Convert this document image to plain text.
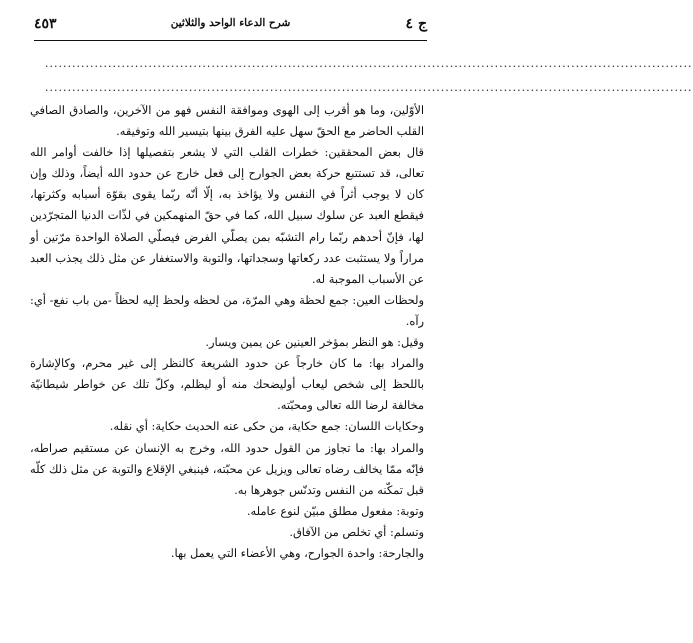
ج ٤
شرح الدعاء الواحد والثلاثين
٤٥٣
................................................................................................................................................
................................................................................................................................................

الأوّلين، وما هو أقرب إلى الهوى وموافقة النفس فهو من الآخرين، والصادق الصافي القلب الحاضر مع الحقّ سهل عليه الفرق بينها بتيسير الله وتوفيقه.

قال بعض المحققين: خطرات القلب التي لا يشعر بتفصيلها إذا خالفت أوامر الله تعالى، قد تستتبع حركة بعض الجوارح إلى فعل خارج عن حدود الله أيضاً، وذلك وإن كان لا يوجب أثراً في النفس ولا يؤاخذ به، إلّا أنّه ربّما يقوى بقوّة أسبابه وكثرتها، فيقطع العبد عن سلوك سبيل الله، كما في حقّ المنهمكين في لذّات الدنيا المتجرّدين لها، فإنّ أحدهم ربّما رام التشبّه بمن يصلّي الفرض فيصلّي الصلاة الواحدة مرّتين أو مراراً ولا يستثبت عدد ركعاتها وسجداتها، والتوبة والاستغفار عن مثل ذلك يجذب العبد عن الأسباب الموجبة له.

ولحظات العين: جمع لحظة وهي المرّة، من لحظه ولحظ إليه لحظاً -من باب نفع- أي: رآه.

وقيل: هو النظر بمؤخر العينين عن يمين ويسار.

والمراد بها: ما كان خارجاً عن حدود الشريعة كالنظر إلى غير محرم، وكالإشارة باللحظ إلى شخص ليعاب أوليضحك منه أو ليظلم، وكلّ تلك عن خواطر شيطانيّة مخالفة لرضا الله تعالى ومحبّته.

وحكايات اللسان: جمع حكاية، من حكى عنه الحديث حكاية: أي نقله.

والمراد بها: ما تجاوز من القول حدود الله، وخرج به الإنسان عن مستقيم صراطه، فإنّه ممّا يخالف رضاه تعالى ويزيل عن محبّته، فينبغي الإقلاع والتوبة عن مثل ذلك كلّه قبل تمكّنه من النفس وتدنّس جوهرها به.

وتوبة: مفعول مطلق مبيّن لنوع عامله.

وتسلم: أي تخلص من الآفاق.

والجارحة: واحدة الجوارح، وهي الأعضاء التي يعمل بها.
